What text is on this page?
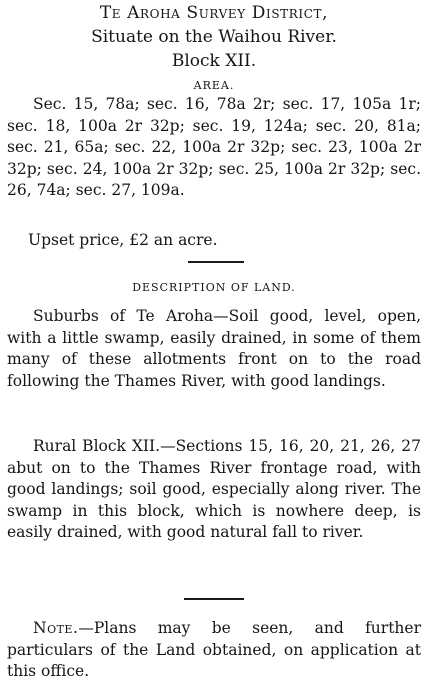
Te Aroha Survey District,
Situate on the Waihou River.
Block XII.
AREA.
Sec. 15, 78a; sec. 16, 78a 2r; sec. 17, 105a 1r; sec. 18, 100a 2r 32p; sec. 19, 124a; sec. 20, 81a; sec. 21, 65a; sec. 22, 100a 2r 32p; sec. 23, 100a 2r 32p; sec. 24, 100a 2r 32p; sec. 25, 100a 2r 32p; sec. 26, 74a; sec. 27, 109a.
Upset price, £2 an acre.
DESCRIPTION OF LAND.
Suburbs of Te Aroha—Soil good, level, open, with a little swamp, easily drained, in some of them many of these allotments front on to the road following the Thames River, with good landings.
Rural Block XII.—Sections 15, 16, 20, 21, 26, 27 abut on to the Thames River frontage road, with good landings; soil good, especially along river. The swamp in this block, which is nowhere deep, is easily drained, with good natural fall to river.
Note.—Plans may be seen, and further particulars of the Land obtained, on application at this office.
